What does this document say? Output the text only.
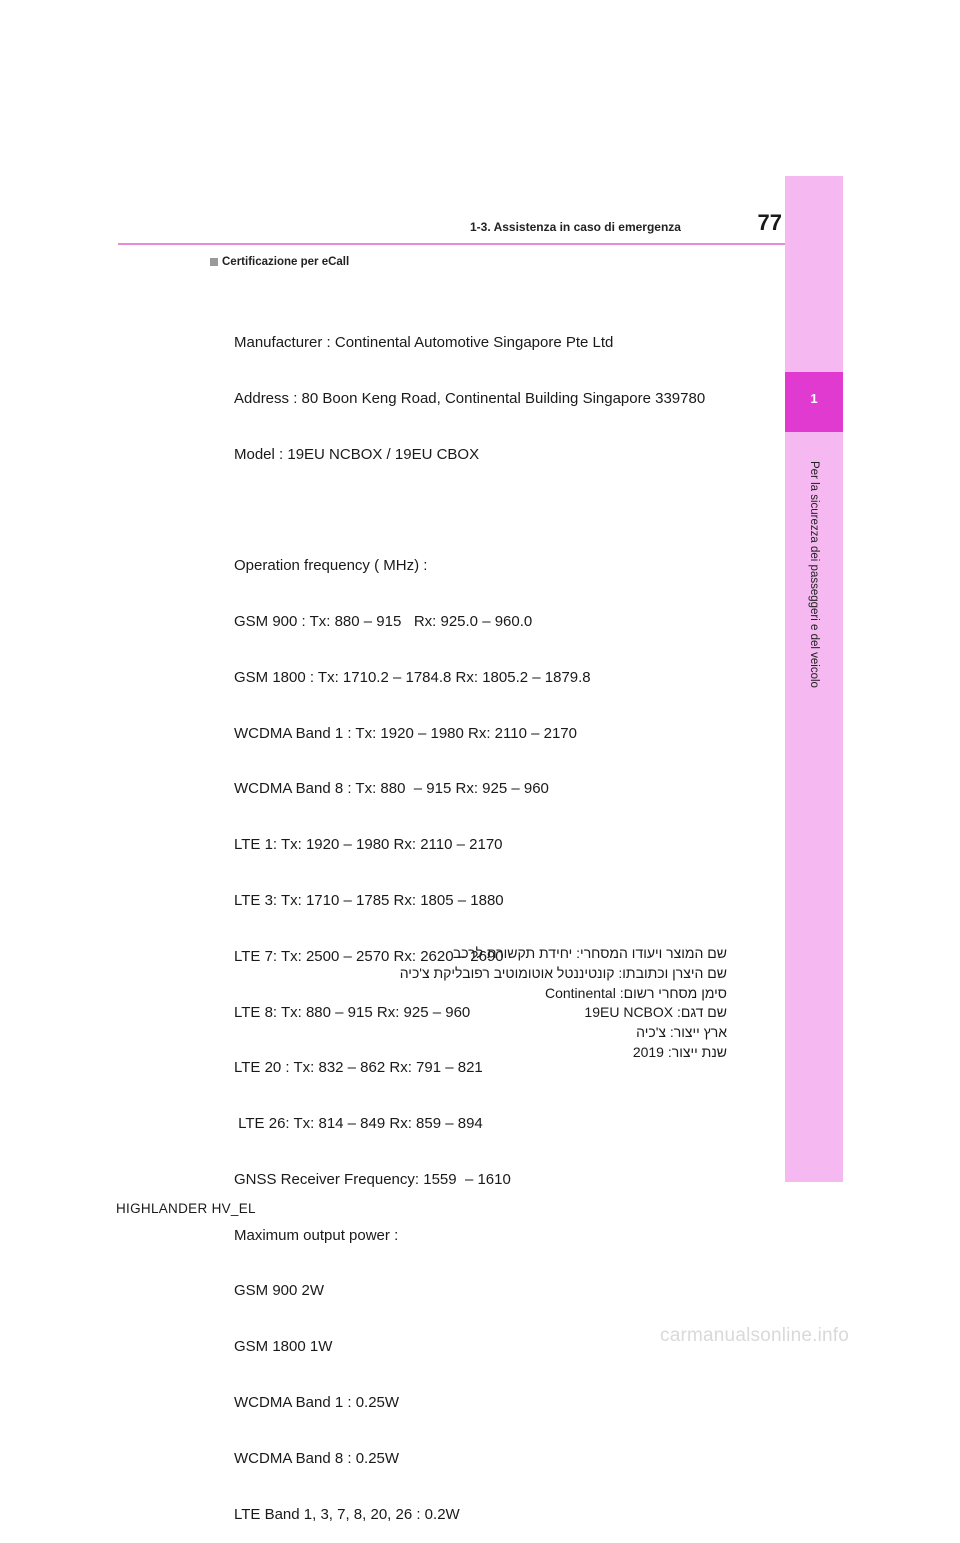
1
Per la sicurezza dei passeggeri e del veicolo
1-3. Assistenza in caso di emergenza	77
Certificazione per eCall

Manufacturer : Continental Automotive Singapore Pte Ltd

Address : 80 Boon Keng Road, Continental Building Singapore 339780

Model : 19EU NCBOX / 19EU CBOX

Operation frequency ( MHz) :

GSM 900 : Tx: 880 – 915   Rx: 925.0 – 960.0

GSM 1800 : Tx: 1710.2 – 1784.8 Rx: 1805.2 – 1879.8

WCDMA Band 1 : Tx: 1920 – 1980 Rx: 2110 – 2170

WCDMA Band 8 : Tx: 880  – 915 Rx: 925 – 960

LTE 1: Tx: 1920 – 1980 Rx: 2110 – 2170

LTE 3: Tx: 1710 – 1785 Rx: 1805 – 1880

LTE 7: Tx: 2500 – 2570 Rx: 2620 – 2690

LTE 8: Tx: 880 – 915 Rx: 925 – 960

LTE 20 : Tx: 832 – 862 Rx: 791 – 821

LTE 26: Tx: 814 – 849 Rx: 859 – 894

GNSS Receiver Frequency: 1559  – 1610

Maximum output power :

GSM 900 2W

GSM 1800 1W

WCDMA Band 1 : 0.25W

WCDMA Band 8 : 0.25W

LTE Band 1, 3, 7, 8, 20, 26 : 0.2W

שם המוצר ויעודו המסחרי: יחידת תקשורת לרכב
שם היצרן וכתובתו: קונטיננטל אוטומוטיב רפובליקת צ'כיה
סימן מסחרי רשום: Continental
שם דגם: 19EU NCBOX
ארץ ייצור: צ'כיה
שנת ייצור: 2019
HIGHLANDER HV_EL
carmanualsonline.info
